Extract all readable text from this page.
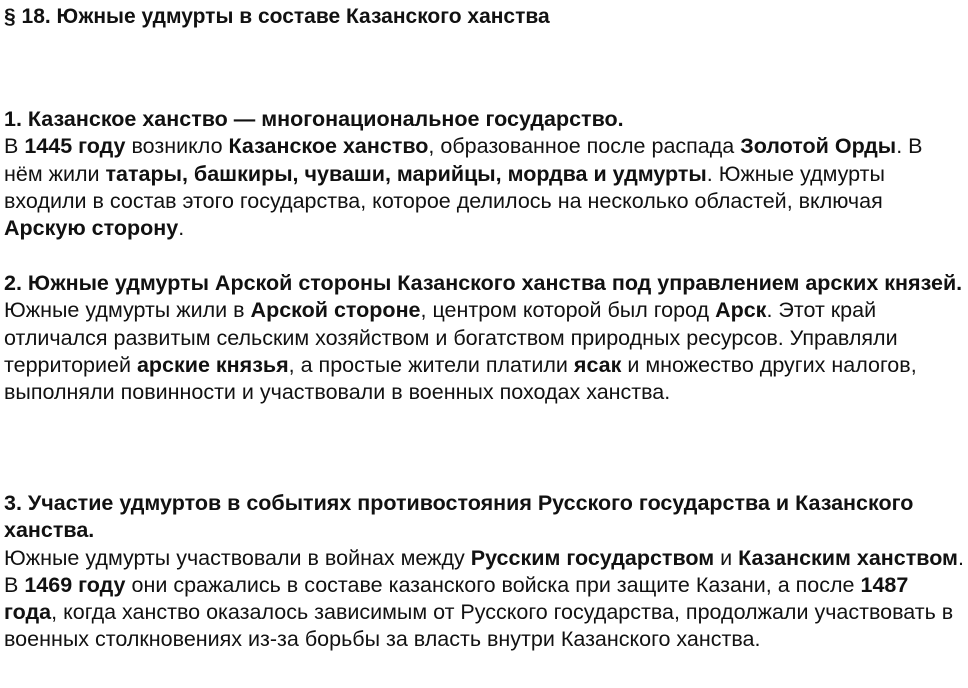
§ 18. Южные удмурты в составе Казанского ханства
1. Казанское ханство — многонациональное государство.

В 1445 году возникло Казанское ханство, образованное после распада Золотой Орды. В нём жили татары, башкиры, чуваши, марийцы, мордва и удмурты. Южные удмурты входили в состав этого государства, которое делилось на несколько областей, включая Арскую сторону.

2. Южные удмурты Арской стороны Казанского ханства под управлением арских князей.

Южные удмурты жили в Арской стороне, центром которой был город Арск. Этот край отличался развитым сельским хозяйством и богатством природных ресурсов. Управляли территорией арские князья, а простые жители платили ясак и множество других налогов, выполняли повинности и участвовали в военных походах ханства.

3. Участие удмуртов в событиях противостояния Русского государства и Казанского ханства.

Южные удмурты участвовали в войнах между Русским государством и Казанским ханством. В 1469 году они сражались в составе казанского войска при защите Казани, а после 1487 года, когда ханство оказалось зависимым от Русского государства, продолжали участвовать в военных столкновениях из-за борьбы за власть внутри Казанского ханства.
